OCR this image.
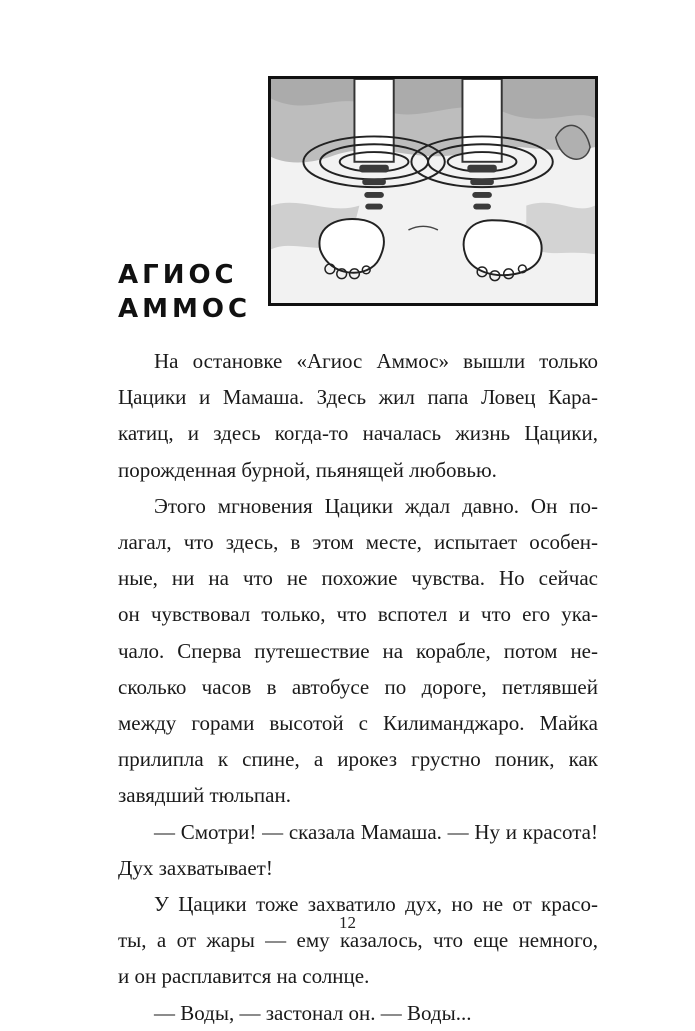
АГИОС
АММОС
На остановке «Агиос Аммос» вышли только
Цацики и Мамаша. Здесь жил папа Ловец Кара-
катиц, и здесь когда-то началась жизнь Цацики,
порожденная бурной, пьянящей любовью.
Этого мгновения Цацики ждал давно. Он по-
лагал, что здесь, в этом месте, испытает особен-
ные, ни на что не похожие чувства. Но сейчас
он чувствовал только, что вспотел и что его ука-
чало. Сперва путешествие на корабле, потом не-
сколько часов в автобусе по дороге, петлявшей
между горами высотой с Килиманджаро. Майка
прилипла к спине, а ирокез грустно поник, как
завядший тюльпан.
— Смотри! — сказала Мамаша. — Ну и красота!
Дух захватывает!
У Цацики тоже захватило дух, но не от красо-
ты, а от жары — ему казалось, что еще немного,
и он расплавится на солнце.
— Воды, — застонал он. — Воды...
12
